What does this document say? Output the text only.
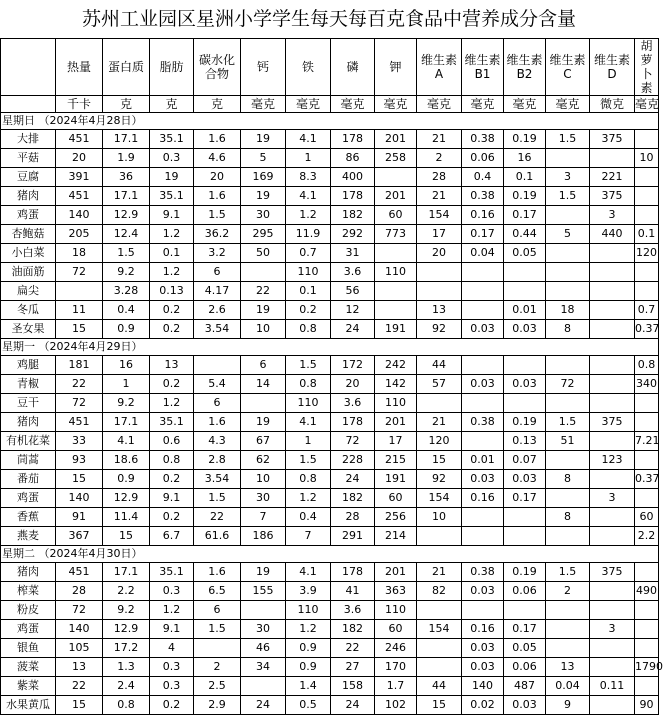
苏州工业园区星洲小学学生每天每百克食品中营养成分含量
	热量	蛋白质	脂肪	碳水化合物	钙	铁	磷	钾	维生素A	维生素B1	维生素B2	维生素C	维生素D	胡萝卜素
	千卡	克	克	克	毫克	毫克	毫克	毫克	毫克	毫克	毫克	毫克	微克	毫克
星期日 （2024年4月28日）														
大排	451	17.1	35.1	1.6	19	4.1	178	201	21	0.38	0.19	1.5	375	
平菇	20	1.9	0.3	4.6	5	1	86	258	2	0.06	16			10
豆腐	391	36	19	20	169	8.3	400		28	0.4	0.1	3	221	
猪肉	451	17.1	35.1	1.6	19	4.1	178	201	21	0.38	0.19	1.5	375	
鸡蛋	140	12.9	9.1	1.5	30	1.2	182	60	154	0.16	0.17		3	
杏鲍菇	205	12.4	1.2	36.2	295	11.9	292	773	17	0.17	0.44	5	440	0.1
小白菜	18	1.5	0.1	3.2	50	0.7	31		20	0.04	0.05			120
油面筋	72	9.2	1.2	6		110	3.6	110						
扁尖		3.28	0.13	4.17	22	0.1	56							
冬瓜	11	0.4	0.2	2.6	19	0.2	12		13		0.01	18		0.7
圣女果	15	0.9	0.2	3.54	10	0.8	24	191	92	0.03	0.03	8		0.37
星期一 （2024年4月29日）														
鸡腿	181	16	13		6	1.5	172	242	44					0.8
青椒	22	1	0.2	5.4	14	0.8	20	142	57	0.03	0.03	72		340
豆干	72	9.2	1.2	6		110	3.6	110						
猪肉	451	17.1	35.1	1.6	19	4.1	178	201	21	0.38	0.19	1.5	375	
有机花菜	33	4.1	0.6	4.3	67	1	72	17	120		0.13	51		7.21
茼蒿	93	18.6	0.8	2.8	62	1.5	228	215	15	0.01	0.07		123	
番茄	15	0.9	0.2	3.54	10	0.8	24	191	92	0.03	0.03	8		0.37
鸡蛋	140	12.9	9.1	1.5	30	1.2	182	60	154	0.16	0.17		3	
香蕉	91	11.4	0.2	22	7	0.4	28	256	10			8		60
燕麦	367	15	6.7	61.6	186	7	291	214						2.2
星期二 （2024年4月30日）														
猪肉	451	17.1	35.1	1.6	19	4.1	178	201	21	0.38	0.19	1.5	375	
榨菜	28	2.2	0.3	6.5	155	3.9	41	363	82	0.03	0.06	2		490
粉皮	72	9.2	1.2	6		110	3.6	110						
鸡蛋	140	12.9	9.1	1.5	30	1.2	182	60	154	0.16	0.17		3	
银鱼	105	17.2	4		46	0.9	22	246		0.03	0.05			
菠菜	13	1.3	0.3	2	34	0.9	27	170		0.03	0.06	13		1790
紫菜	22	2.4	0.3	2.5		1.4	158	1.7	44	140	487	0.04	0.11	
水果黄瓜	15	0.8	0.2	2.9	24	0.5	24	102	15	0.02	0.03	9		90
